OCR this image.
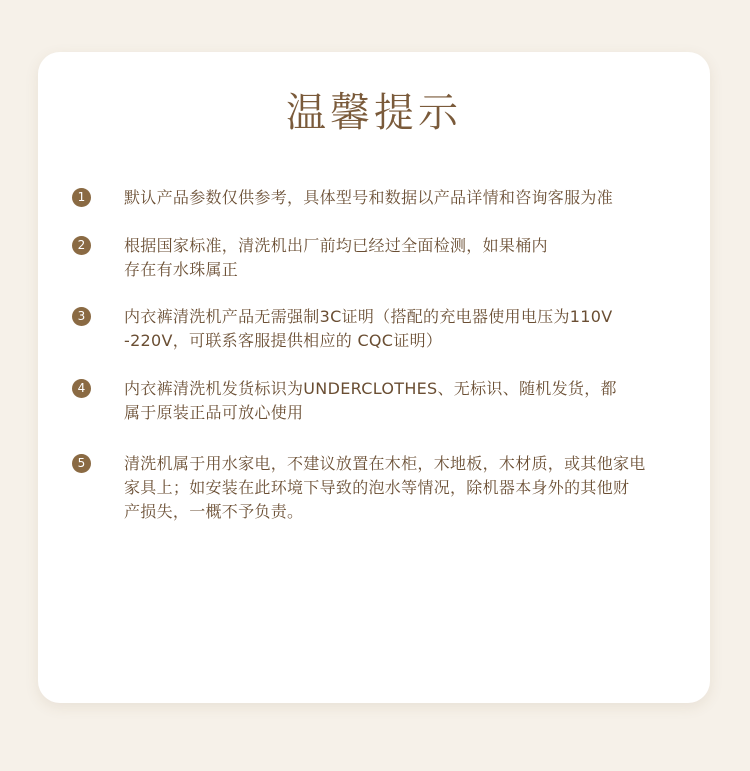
温馨提示
1	默认产品参数仅供参考，具体型号和数据以产品详情和咨询客服为准
2	根据国家标准，清洗机出厂前均已经过全面检测，如果桶内
存在有水珠属正
3	内衣裤清洗机产品无需强制3C证明（搭配的充电器使用电压为110V
-220V，可联系客服提供相应的 CQC证明）
4	内衣裤清洗机发货标识为UNDERCLOTHES、无标识、随机发货，都
属于原装正品可放心使用
5	清洗机属于用水家电，不建议放置在木柜，木地板，木材质，或其他家电
家具上；如安装在此环境下导致的泡水等情况，除机器本身外的其他财
产损失，一概不予负责。
